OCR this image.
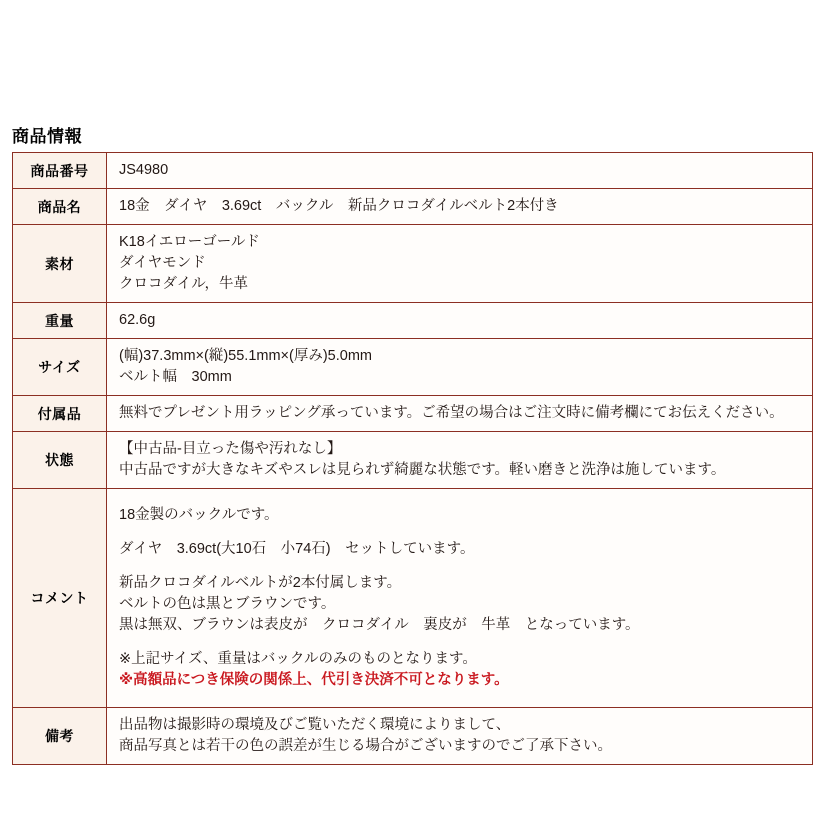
商品情報
商品番号	JS4980

商品名	18金　ダイヤ　3.69ct　バックル　新品クロコダイルベルト2本付き

素材	K18イエローゴールド
ダイヤモンド
クロコダイル，牛革

重量	62.6g

サイズ	(幅)37.3mm×(縦)55.1mm×(厚み)5.0mm
ベルト幅　30mm

付属品	無料でプレゼント用ラッピング承っています。ご希望の場合はご注文時に備考欄にてお伝えください。

状態	【中古品-目立った傷や汚れなし】
中古品ですが大きなキズやスレは見られず綺麗な状態です。軽い磨きと洗浄は施しています。

コメント	
18金製のバックルです。
ダイヤ　3.69ct(大10石　小74石)　セットしています。
新品クロコダイルベルトが2本付属します。
ベルトの色は黒とブラウンです。
黒は無双、ブラウンは表皮が　クロコダイル　裏皮が　牛革　となっています。
※上記サイズ、重量はバックルのみのものとなります。
※高額品につき保険の関係上、代引き決済不可となります。

備考	出品物は撮影時の環境及びご覧いただく環境によりまして、
商品写真とは若干の色の誤差が生じる場合がございますのでご了承下さい。
